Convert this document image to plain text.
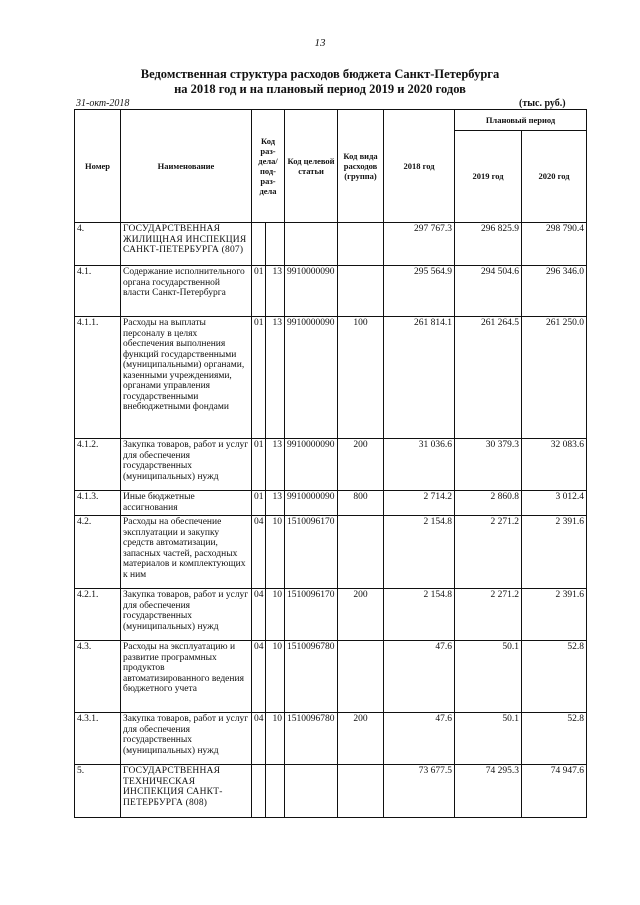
13
Ведомственная структура расходов бюджета Санкт-Петербурга
на 2018 год и на плановый период 2019 и 2020 годов
31-окт-2018	(тыс. руб.)
Номер	Наименование	Код раз-дела/ под-раз-дела		Код целевой статьи	Код вида расходов (группа)	2018 год	Плановый период	
							2019 год	2020 год
4.	ГОСУДАРСТВЕННАЯ ЖИЛИЩНАЯ ИНСПЕКЦИЯ САНКТ-ПЕТЕРБУРГА (807)					297 767.3	296 825.9	298 790.4
4.1.	Содержание исполнительного органа государственной власти Санкт-Петербурга	01	13	9910000090		295 564.9	294 504.6	296 346.0
4.1.1.	Расходы на выплаты персоналу в целях обеспечения выполнения функций государственными (муниципальными) органами, казенными учреждениями, органами управления государственными внебюджетными фондами	01	13	9910000090	100	261 814.1	261 264.5	261 250.0
4.1.2.	Закупка товаров, работ и услуг для обеспечения государственных (муниципальных) нужд	01	13	9910000090	200	31 036.6	30 379.3	32 083.6
4.1.3.	Иные бюджетные ассигнования	01	13	9910000090	800	2 714.2	2 860.8	3 012.4
4.2.	Расходы на обеспечение эксплуатации и закупку средств автоматизации, запасных частей, расходных материалов и комплектующих к ним	04	10	1510096170		2 154.8	2 271.2	2 391.6
4.2.1.	Закупка товаров, работ и услуг для обеспечения государственных (муниципальных) нужд	04	10	1510096170	200	2 154.8	2 271.2	2 391.6
4.3.	Расходы на эксплуатацию и развитие программных продуктов автоматизированного ведения бюджетного учета	04	10	1510096780		47.6	50.1	52.8
4.3.1.	Закупка товаров, работ и услуг для обеспечения государственных (муниципальных) нужд	04	10	1510096780	200	47.6	50.1	52.8
5.	ГОСУДАРСТВЕННАЯ ТЕХНИЧЕСКАЯ ИНСПЕКЦИЯ САНКТ-ПЕТЕРБУРГА (808)					73 677.5	74 295.3	74 947.6
